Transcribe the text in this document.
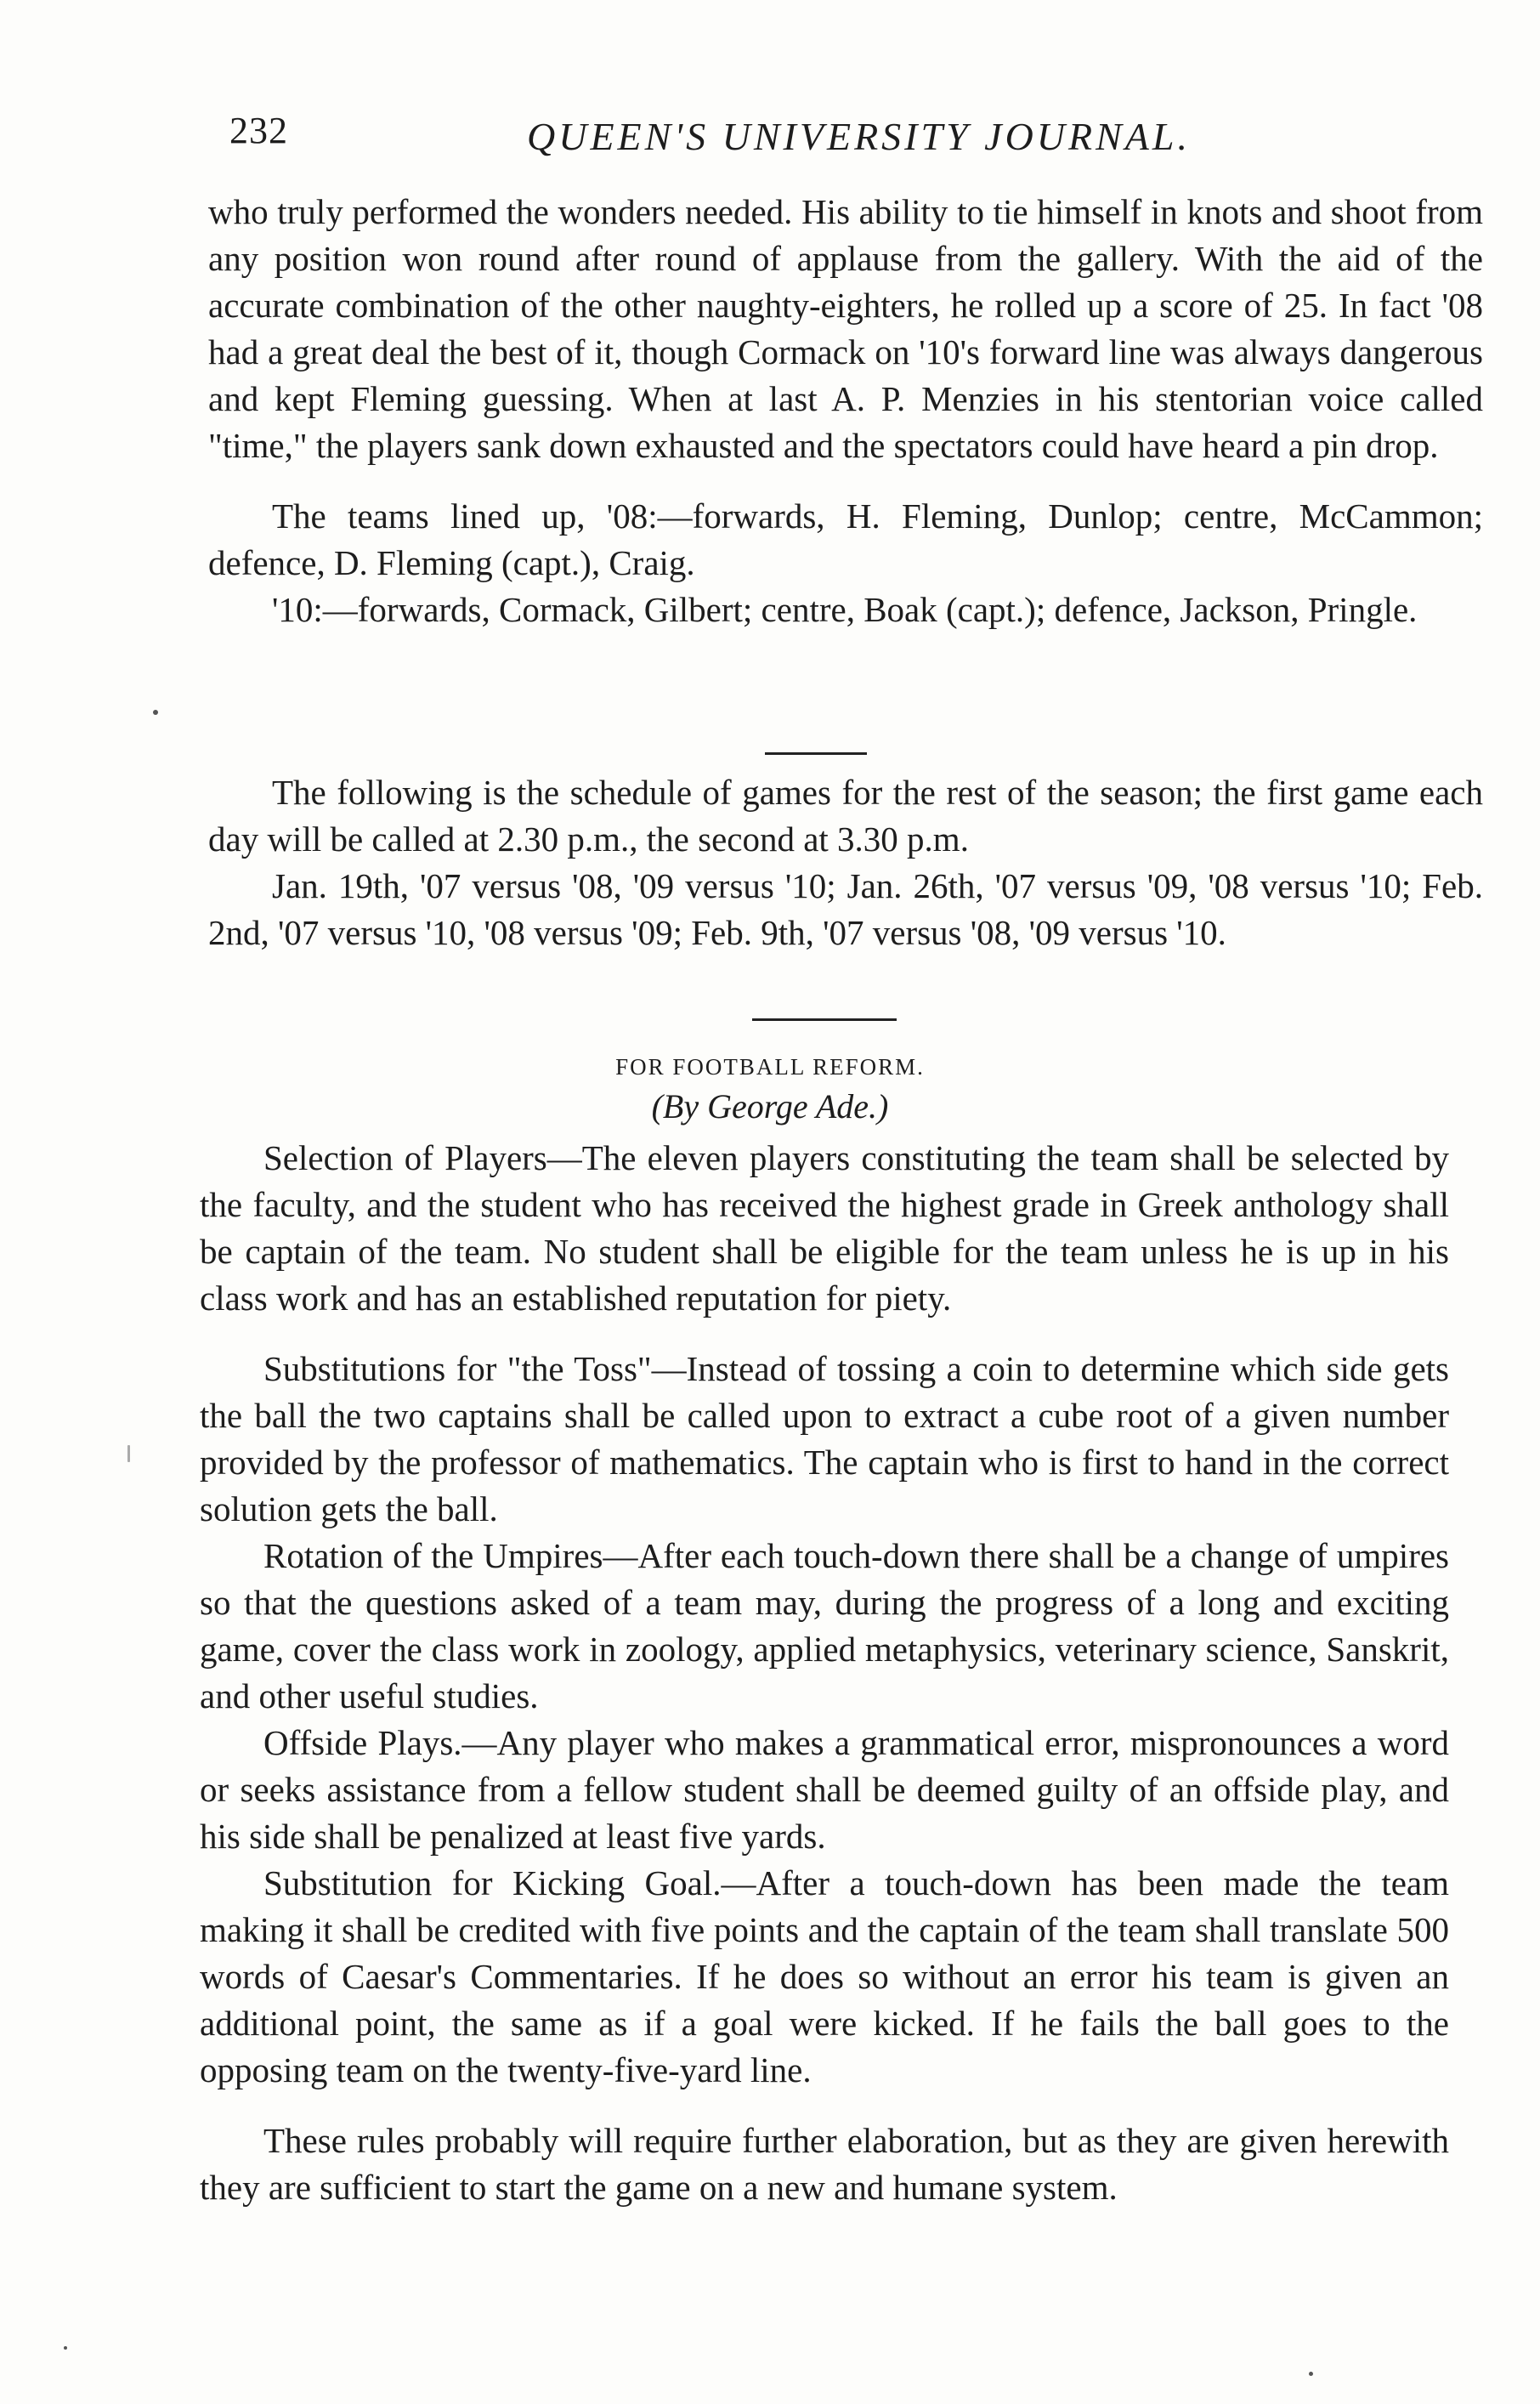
232	QUEEN'S UNIVERSITY JOURNAL.

who truly performed the wonders needed. His ability to tie himself in knots and shoot from any position won round after round of applause from the gallery. With the aid of the accurate combination of the other naughty-eighters, he rolled up a score of 25. In fact '08 had a great deal the best of it, though Cormack on '10's forward line was always dangerous and kept Fleming guessing. When at last A. P. Menzies in his stentorian voice called "time," the players sank down exhausted and the spectators could have heard a pin drop.

The teams lined up, '08:—forwards, H. Fleming, Dunlop; centre, McCammon; defence, D. Fleming (capt.), Craig.

'10:—forwards, Cormack, Gilbert; centre, Boak (capt.); defence, Jackson, Pringle.

The following is the schedule of games for the rest of the season; the first game each day will be called at 2.30 p.m., the second at 3.30 p.m.

Jan. 19th, '07 versus '08, '09 versus '10; Jan. 26th, '07 versus '09, '08 versus '10; Feb. 2nd, '07 versus '10, '08 versus '09; Feb. 9th, '07 versus '08, '09 versus '10.

FOR FOOTBALL REFORM.
(By George Ade.)

Selection of Players—The eleven players constituting the team shall be selected by the faculty, and the student who has received the highest grade in Greek anthology shall be captain of the team. No student shall be eligible for the team unless he is up in his class work and has an established reputation for piety.

Substitutions for "the Toss"—Instead of tossing a coin to determine which side gets the ball the two captains shall be called upon to extract a cube root of a given number provided by the professor of mathematics. The captain who is first to hand in the correct solution gets the ball.

Rotation of the Umpires—After each touch-down there shall be a change of umpires so that the questions asked of a team may, during the progress of a long and exciting game, cover the class work in zoology, applied metaphysics, veterinary science, Sanskrit, and other useful studies.

Offside Plays.—Any player who makes a grammatical error, mispronounces a word or seeks assistance from a fellow student shall be deemed guilty of an offside play, and his side shall be penalized at least five yards.

Substitution for Kicking Goal.—After a touch-down has been made the team making it shall be credited with five points and the captain of the team shall translate 500 words of Caesar's Commentaries. If he does so without an error his team is given an additional point, the same as if a goal were kicked. If he fails the ball goes to the opposing team on the twenty-five-yard line.

These rules probably will require further elaboration, but as they are given herewith they are sufficient to start the game on a new and humane system.
